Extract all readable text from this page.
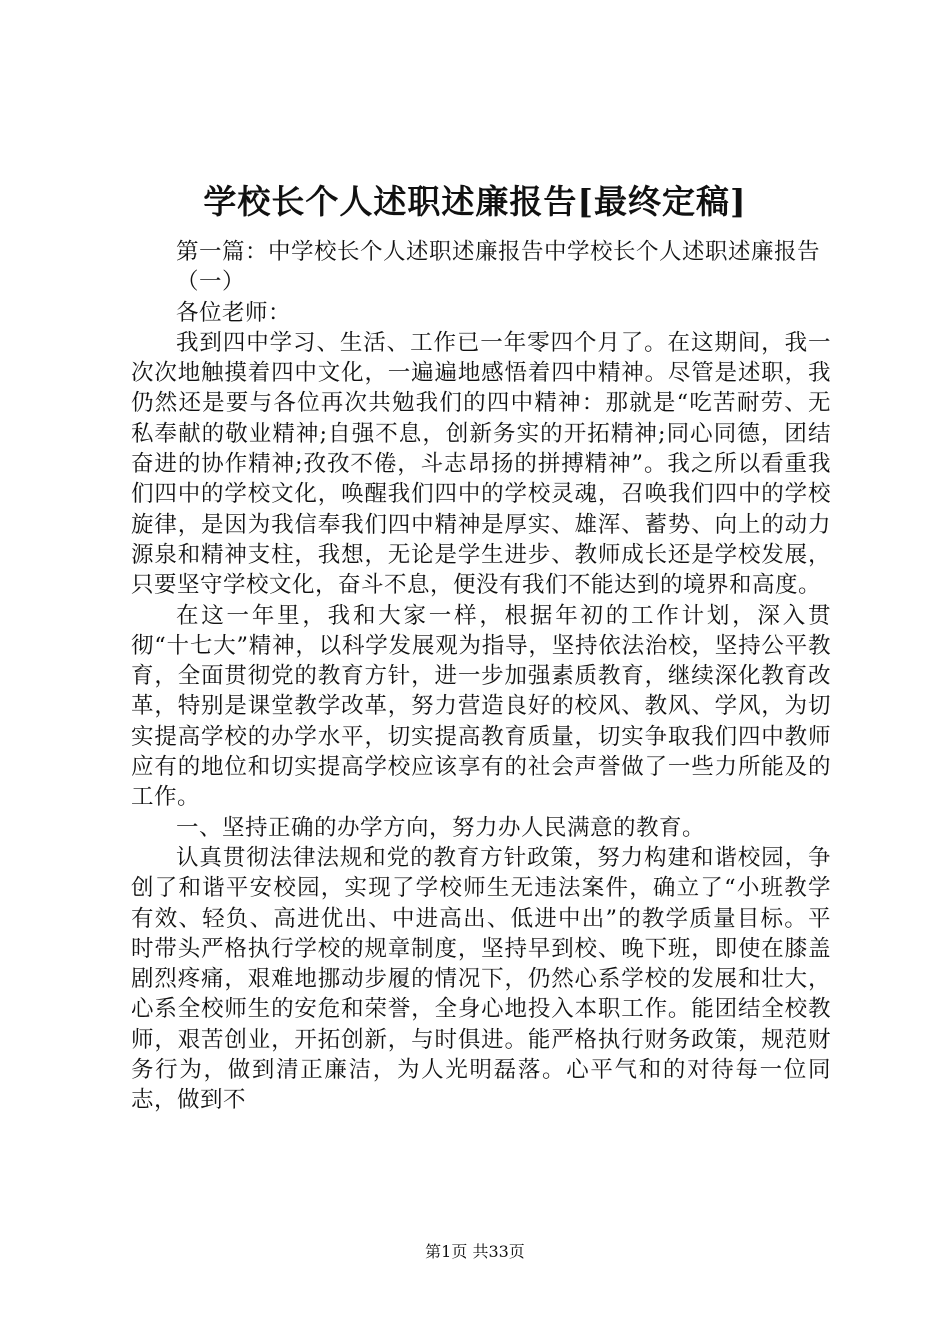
学校长个人述职述廉报告[最终定稿]

第一篇：中学校长个人述职述廉报告中学校长个人述职述廉报告

（一）

各位老师：

我到四中学习、生活、工作已一年零四个月了。在这期间，我一次次地触摸着四中文化，一遍遍地感悟着四中精神。尽管是述职，我仍然还是要与各位再次共勉我们的四中精神：那就是“吃苦耐劳、无私奉献的敬业精神;自强不息，创新务实的开拓精神;同心同德，团结奋进的协作精神;孜孜不倦，斗志昂扬的拼搏精神”。我之所以看重我们四中的学校文化，唤醒我们四中的学校灵魂，召唤我们四中的学校旋律，是因为我信奉我们四中精神是厚实、雄浑、蓄势、向上的动力源泉和精神支柱，我想，无论是学生进步、教师成长还是学校发展，只要坚守学校文化，奋斗不息，便没有我们不能达到的境界和高度。

在这一年里，我和大家一样，根据年初的工作计划，深入贯彻“十七大”精神，以科学发展观为指导，坚持依法治校，坚持公平教育，全面贯彻党的教育方针，进一步加强素质教育，继续深化教育改革，特别是课堂教学改革，努力营造良好的校风、教风、学风，为切实提高学校的办学水平，切实提高教育质量，切实争取我们四中教师应有的地位和切实提高学校应该享有的社会声誉做了一些力所能及的工作。

一、坚持正确的办学方向，努力办人民满意的教育。

认真贯彻法律法规和党的教育方针政策，努力构建和谐校园，争创了和谐平安校园，实现了学校师生无违法案件，确立了“小班教学有效、轻负、高进优出、中进高出、低进中出”的教学质量目标。平时带头严格执行学校的规章制度，坚持早到校、晚下班，即使在膝盖剧烈疼痛，艰难地挪动步履的情况下，仍然心系学校的发展和壮大，心系全校师生的安危和荣誉，全身心地投入本职工作。能团结全校教师，艰苦创业，开拓创新，与时俱进。能严格执行财务政策，规范财务行为，做到清正廉洁，为人光明磊落。心平气和的对待每一位同志，做到不

第1页 共33页
